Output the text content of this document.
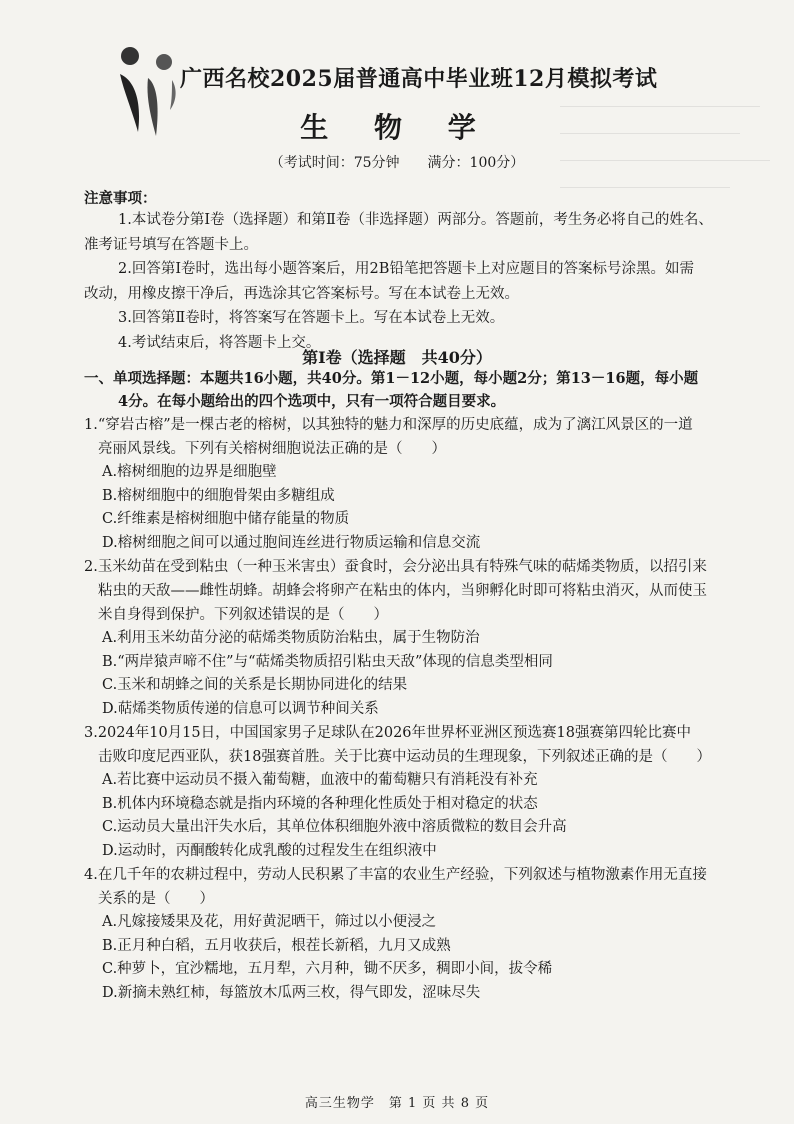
广西名校2025届普通高中毕业班12月模拟考试
生 物 学
（考试时间：75分钟　　满分：100分）
注意事项：

1.本试卷分第Ⅰ卷（选择题）和第Ⅱ卷（非选择题）两部分。答题前，考生务必将自己的姓名、

准考证号填写在答题卡上。

2.回答第Ⅰ卷时，选出每小题答案后，用2B铅笔把答题卡上对应题目的答案标号涂黑。如需

改动，用橡皮擦干净后，再选涂其它答案标号。写在本试卷上无效。

3.回答第Ⅱ卷时，将答案写在答题卡上。写在本试卷上无效。

4.考试结束后，将答题卡上交。

第Ⅰ卷（选择题　共40分）
一、单项选择题：本题共16小题，共40分。第1－12小题，每小题2分；第13－16题，每小题
4分。在每小题给出的四个选项中，只有一项符合题目要求。
1.“穿岩古榕”是一棵古老的榕树，以其独特的魅力和深厚的历史底蕴，成为了漓江风景区的一道
亮丽风景线。下列有关榕树细胞说法正确的是（　　）
A.榕树细胞的边界是细胞壁
B.榕树细胞中的细胞骨架由多糖组成
C.纤维素是榕树细胞中储存能量的物质
D.榕树细胞之间可以通过胞间连丝进行物质运输和信息交流
2.玉米幼苗在受到粘虫（一种玉米害虫）蚕食时，会分泌出具有特殊气味的萜烯类物质，以招引来
粘虫的天敌——雌性胡蜂。胡蜂会将卵产在粘虫的体内，当卵孵化时即可将粘虫消灭，从而使玉
米自身得到保护。下列叙述错误的是（　　）
A.利用玉米幼苗分泌的萜烯类物质防治粘虫，属于生物防治
B.“两岸猿声啼不住”与“萜烯类物质招引粘虫天敌”体现的信息类型相同
C.玉米和胡蜂之间的关系是长期协同进化的结果
D.萜烯类物质传递的信息可以调节种间关系
3.2024年10月15日，中国国家男子足球队在2026年世界杯亚洲区预选赛18强赛第四轮比赛中
击败印度尼西亚队，获18强赛首胜。关于比赛中运动员的生理现象，下列叙述正确的是（　　）
A.若比赛中运动员不摄入葡萄糖，血液中的葡萄糖只有消耗没有补充
B.机体内环境稳态就是指内环境的各种理化性质处于相对稳定的状态
C.运动员大量出汗失水后，其单位体积细胞外液中溶质微粒的数目会升高
D.运动时，丙酮酸转化成乳酸的过程发生在组织液中
4.在几千年的农耕过程中，劳动人民积累了丰富的农业生产经验，下列叙述与植物激素作用无直接
关系的是（　　）
A.凡嫁接矮果及花，用好黄泥晒干，筛过以小便浸之
B.正月种白稻，五月收获后，根茬长新稻，九月又成熟
C.种萝卜，宜沙糯地，五月犁，六月种，锄不厌多，稠即小间，拔令稀
D.新摘未熟红柿，每篮放木瓜两三枚，得气即发，涩味尽失
高三生物学　第 1 页 共 8 页
